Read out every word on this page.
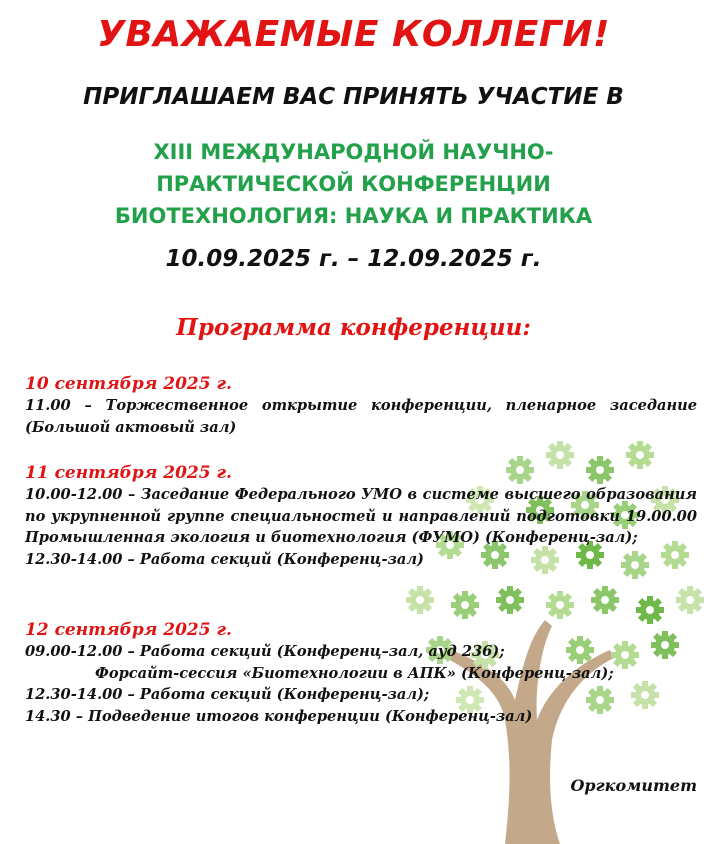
УВАЖАЕМЫЕ КОЛЛЕГИ!
ПРИГЛАШАЕМ ВАС ПРИНЯТЬ УЧАСТИЕ В
XIII МЕЖДУНАРОДНОЙ НАУЧНО-
ПРАКТИЧЕСКОЙ КОНФЕРЕНЦИИ
БИОТЕХНОЛОГИЯ: НАУКА И ПРАКТИКА
10.09.2025 г. – 12.09.2025 г.
Программа конференции:
10 сентября 2025 г.
11.00 – Торжественное открытие конференции, пленарное заседание (Большой актовый зал)
11 сентября 2025 г.
10.00-12.00 – Заседание Федерального УМО в системе высшего образования по укрупненной группе специальностей и направлений подготовки 19.00.00 Промышленная экология и биотехнология (ФУМО) (Конференц-зал);
12.30-14.00 – Работа секций (Конференц-зал)
12 сентября 2025 г.
09.00-12.00 – Работа секций (Конференц–зал, ауд 236);
Форсайт-сессия «Биотехнологии в АПК» (Конференц-зал);
12.30-14.00 – Работа секций (Конференц-зал);
14.30 – Подведение итогов конференции (Конференц-зал)
Оргкомитет
